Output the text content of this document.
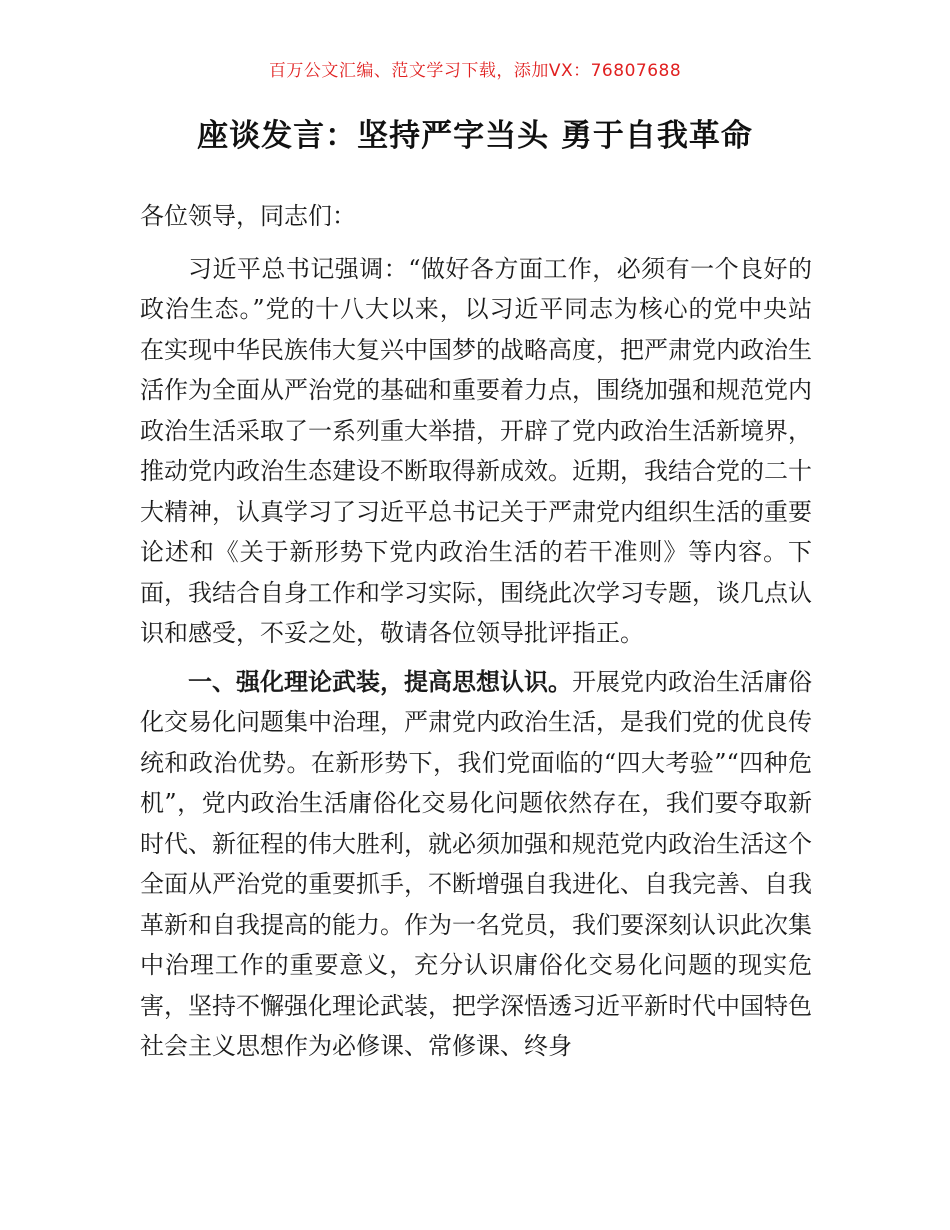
百万公文汇编、范文学习下载，添加VX：76807688
座谈发言：坚持严字当头 勇于自我革命

各位领导，同志们：

习近平总书记强调：“做好各方面工作，必须有一个良好的政治生态。”党的十八大以来，以习近平同志为核心的党中央站在实现中华民族伟大复兴中国梦的战略高度，把严肃党内政治生活作为全面从严治党的基础和重要着力点，围绕加强和规范党内政治生活采取了一系列重大举措，开辟了党内政治生活新境界，推动党内政治生态建设不断取得新成效。近期，我结合党的二十大精神，认真学习了习近平总书记关于严肃党内组织生活的重要论述和《关于新形势下党内政治生活的若干准则》等内容。下面，我结合自身工作和学习实际，围绕此次学习专题，谈几点认识和感受，不妥之处，敬请各位领导批评指正。

一、强化理论武装，提高思想认识。开展党内政治生活庸俗化交易化问题集中治理，严肃党内政治生活，是我们党的优良传统和政治优势。在新形势下，我们党面临的“四大考验”“四种危机”，党内政治生活庸俗化交易化问题依然存在，我们要夺取新时代、新征程的伟大胜利，就必须加强和规范党内政治生活这个全面从严治党的重要抓手，不断增强自我进化、自我完善、自我革新和自我提高的能力。作为一名党员，我们要深刻认识此次集中治理工作的重要意义，充分认识庸俗化交易化问题的现实危害，坚持不懈强化理论武装，把学深悟透习近平新时代中国特色社会主义思想作为必修课、常修课、终身
